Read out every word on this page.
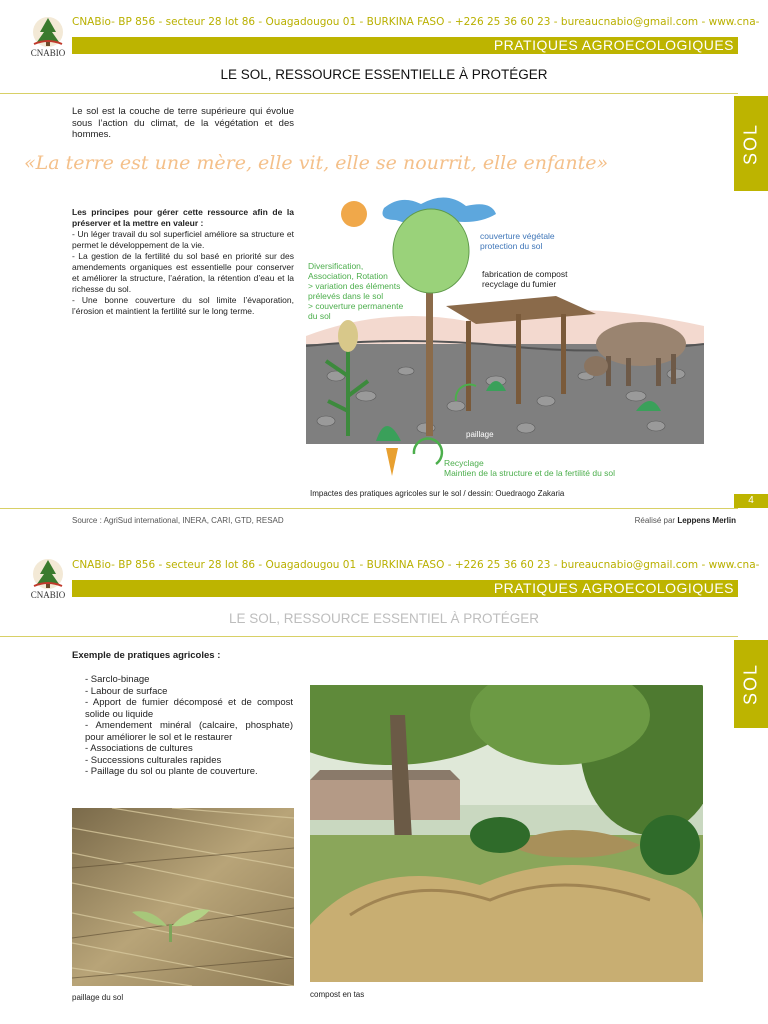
CNABIO
CNABio- BP 856 - secteur 28 lot 86 - Ouagadougou 01 - BURKINA FASO - +226 25 36 60 23 - bureaucnabio@gmail.com - www.cna-
PRATIQUES AGROECOLOGIQUES
LE SOL, RESSOURCE ESSENTIELLE À PROTÉGER
SOL
Le sol est la couche de terre supérieure qui évolue sous l’action du climat, de la végétation et des hommes.
«La terre est une mère, elle vit, elle se nourrit, elle enfante»
Les principes pour gérer cette ressource afin de la préserver et la mettre en valeur :
- Un léger travail du sol superficiel améliore sa structure et permet le développement de la vie.
- La gestion de la fertilité du sol basé en priorité sur des amendements organiques est essentielle pour conserver et améliorer la structure, l’aération, la rétention d’eau et la richesse du sol.
- Une bonne couverture du sol limite l’évaporation, l’érosion et maintient la fertilité sur le long terme.
couverture végétale
protection du sol
fabrication de compost
recyclage du fumier
Diversification,
Association, Rotation
> variation des éléments
prélevés dans le sol
> couverture permanente
du sol
paillage
Recyclage
Maintien de la structure et de la fertilité du sol
Impactes des pratiques agricoles sur le sol / dessin: Ouedraogo Zakaria
4
Source : AgriSud international, INERA, CARI, GTD, RESAD	Réalisé par Leppens Merlin
CNABIO
CNABio- BP 856 - secteur 28 lot 86 - Ouagadougou 01 - BURKINA FASO - +226 25 36 60 23 - bureaucnabio@gmail.com - www.cna-
PRATIQUES AGROECOLOGIQUES
LE SOL, RESSOURCE ESSENTIEL À PROTÉGER
SOL
Exemple de pratiques agricoles :
- Sarclo-binage
- Labour de surface
- Apport de fumier décomposé et de compost solide ou liquide
- Amendement minéral (calcaire, phosphate) pour améliorer le sol et le restaurer
- Associations de cultures
- Successions culturales rapides
- Paillage du sol ou plante de couverture.
paillage du sol	compost en tas
